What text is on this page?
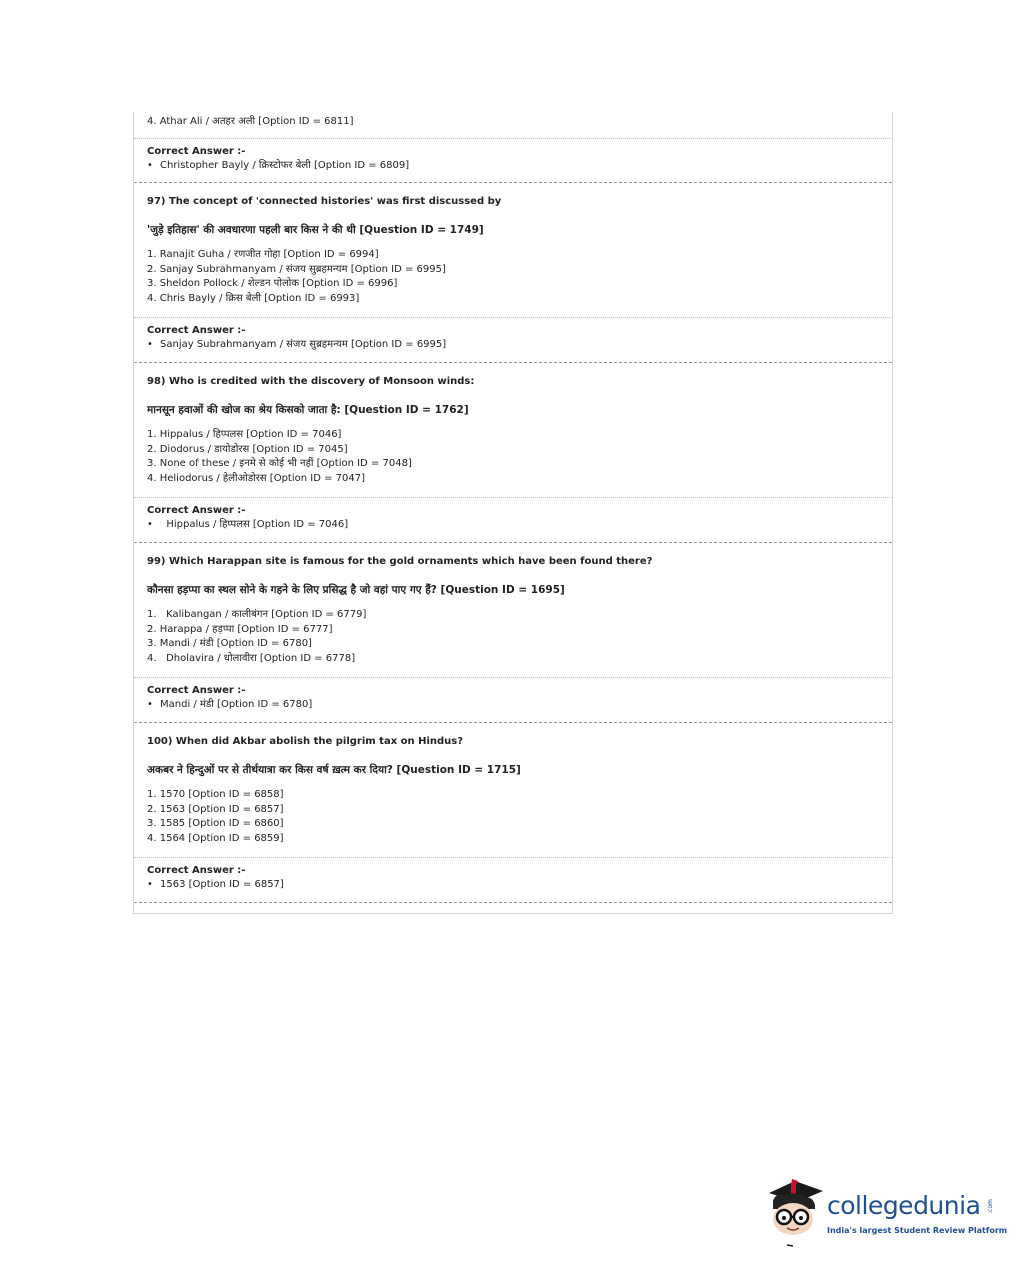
4. Athar Ali / अतहर अली [Option ID = 6811]
Correct Answer :-
• Christopher Bayly / क्रिस्टोफर बेली [Option ID = 6809]
97) The concept of 'connected histories' was first discussed by
'जुड़े इतिहास' की अवधारणा पहली बार किस ने की थी [Question ID = 1749]
1. Ranajit Guha / रणजीत गोहा [Option ID = 6994]
2. Sanjay Subrahmanyam / संजय सुब्रहमन्यम [Option ID = 6995]
3. Sheldon Pollock / शेल्डन पोलोक [Option ID = 6996]
4. Chris Bayly / क्रिस बेली [Option ID = 6993]
Correct Answer :-
• Sanjay Subrahmanyam / संजय सुब्रहमन्यम [Option ID = 6995]
98) Who is credited with the discovery of Monsoon winds:
मानसून हवाओं की खोज का श्रेय किसको जाता है: [Question ID = 1762]
1. Hippalus / हिप्पलस [Option ID = 7046]
2. Diodorus / डायोडोरस [Option ID = 7045]
3. None of these / इनमे से कोई भी नहीं [Option ID = 7048]
4. Heliodorus / हेलीओडोरस [Option ID = 7047]
Correct Answer :-
•   Hippalus / हिप्पलस [Option ID = 7046]
99) Which Harappan site is famous for the gold ornaments which have been found there?
कौनसा हड़प्पा का स्थल सोने के गहने के लिए प्रसिद्ध है जो वहां पाए गए हैं? [Question ID = 1695]
1.   Kalibangan / कालीबंगन [Option ID = 6779]
2. Harappa / हड़प्पा [Option ID = 6777]
3. Mandi / मंडी [Option ID = 6780]
4.   Dholavira / धोलावीरा [Option ID = 6778]
Correct Answer :-
• Mandi / मंडी [Option ID = 6780]
100) When did Akbar abolish the pilgrim tax on Hindus?
अकबर ने हिन्दुओं पर से तीर्थयात्रा कर किस वर्ष ख़त्म कर दिया? [Question ID = 1715]
1. 1570 [Option ID = 6858]
2. 1563 [Option ID = 6857]
3. 1585 [Option ID = 6860]
4. 1564 [Option ID = 6859]
Correct Answer :-
• 1563 [Option ID = 6857]
collegedunia .com
India's largest Student Review Platform
